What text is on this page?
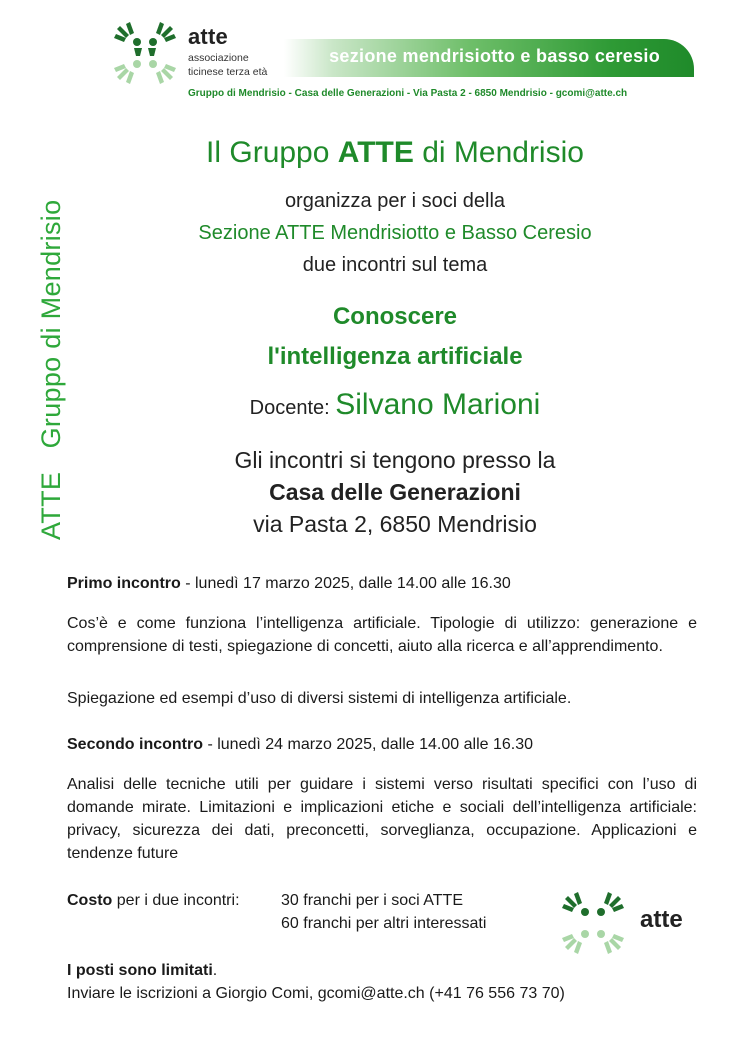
atte
associazione
ticinese terza età
sezione mendrisiotto e basso ceresio
Gruppo di Mendrisio - Casa delle Generazioni - Via Pasta 2 - 6850 Mendrisio - gcomi@atte.ch
ATTE   Gruppo di Mendrisio
Il Gruppo ATTE di Mendrisio
organizza per i soci della
Sezione ATTE Mendrisiotto e Basso Ceresio
due incontri sul tema
Conoscere
l'intelligenza artificiale
Docente: Silvano Marioni
Gli incontri si tengono presso la
Casa delle Generazioni
via Pasta 2, 6850 Mendrisio
Primo incontro - lunedì 17 marzo 2025, dalle 14.00 alle 16.30
Cos’è e come funziona l’intelligenza artificiale. Tipologie di utilizzo: generazione e comprensione di testi, spiegazione di concetti, aiuto alla ricerca e all’apprendimento.
Spiegazione ed esempi d’uso di diversi sistemi di intelligenza artificiale.
Secondo incontro - lunedì 24 marzo 2025, dalle 14.00 alle 16.30
Analisi delle tecniche utili per guidare i sistemi verso risultati specifici con l’uso di domande mirate. Limitazioni e implicazioni etiche e sociali dell’intelligenza artificiale: privacy, sicurezza dei dati, preconcetti, sorveglianza, occupazione. Applicazioni e tendenze future
Costo per i due incontri:	30 franchi per i soci ATTE
60 franchi per altri interessati	atte
I posti sono limitati.
Inviare le iscrizioni a Giorgio Comi, gcomi@atte.ch (+41 76 556 73 70)
